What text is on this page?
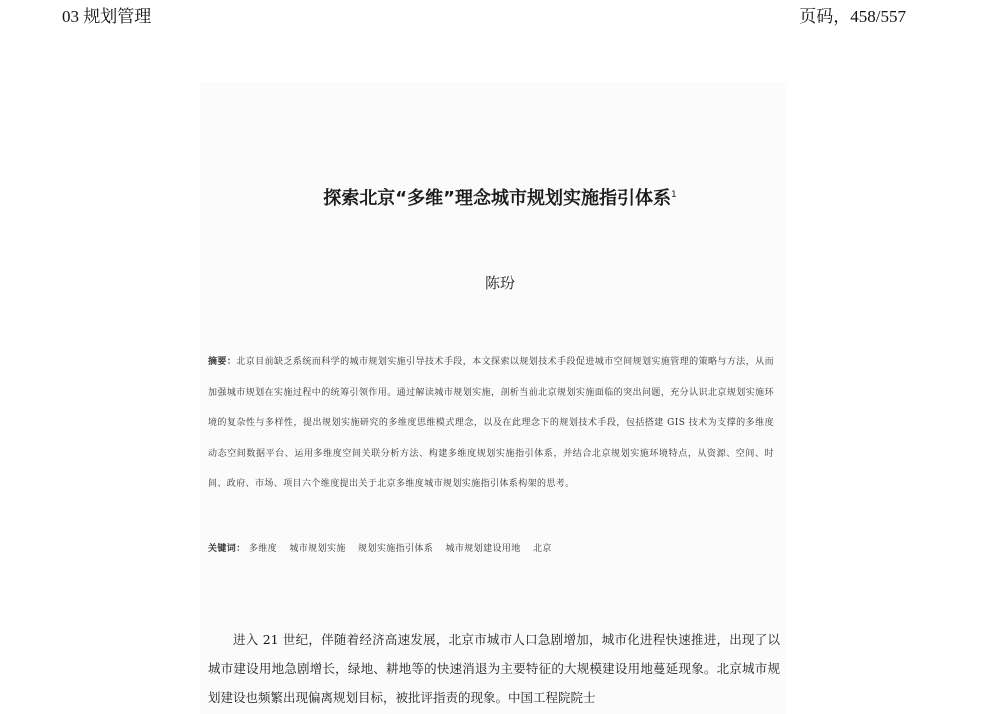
03 规划管理	页码，458/557
探索北京“多维”理念城市规划实施指引体系$^1$
陈玢
摘要：北京目前缺乏系统而科学的城市规划实施引导技术手段，本文探索以规划技术手段促进城市空间规划实施管理的策略与方法，从而加强城市规划在实施过程中的统筹引领作用。通过解读城市规划实施，剖析当前北京规划实施面临的突出问题，充分认识北京规划实施环境的复杂性与多样性，提出规划实施研究的多维度思维模式理念，以及在此理念下的规划技术手段，包括搭建 GIS 技术为支撑的多维度动态空间数据平台、运用多维度空间关联分析方法、构建多维度规划实施指引体系，并结合北京规划实施环境特点，从资源、空间、时间、政府、市场、项目六个维度提出关于北京多维度城市规划实施指引体系构架的思考。
关键词： 多维度 城市规划实施 规划实施指引体系 城市规划建设用地 北京
进入 21 世纪，伴随着经济高速发展，北京市城市人口急剧增加，城市化进程快速推进，出现了以城市建设用地急剧增长，绿地、耕地等的快速消退为主要特征的大规模建设用地蔓延现象。北京城市规划建设也频繁出现偏离规划目标，被批评指责的现象。中国工程院院士
